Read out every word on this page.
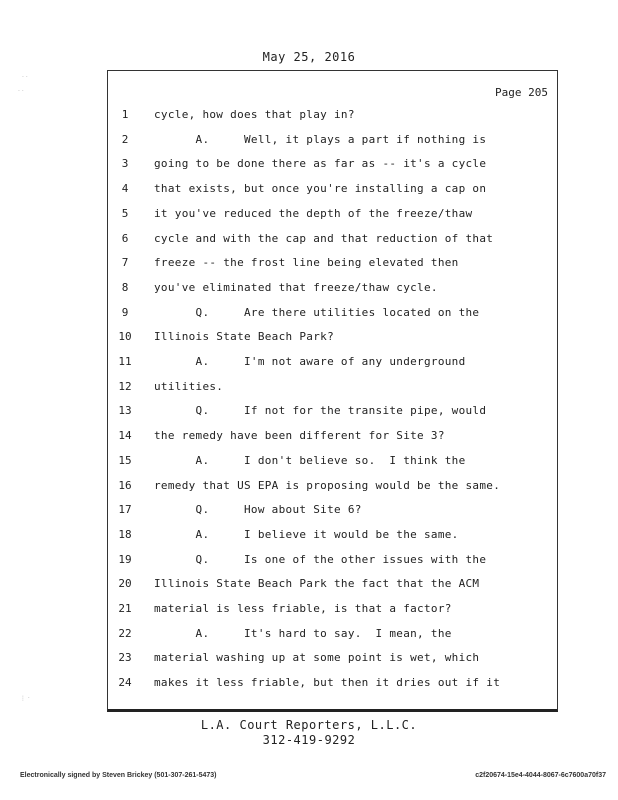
May 25, 2016
Page 205
1	cycle, how does that play in?
2	A.     Well, it plays a part if nothing is
3	going to be done there as far as -- it's a cycle
4	that exists, but once you're installing a cap on
5	it you've reduced the depth of the freeze/thaw
6	cycle and with the cap and that reduction of that
7	freeze -- the frost line being elevated then
8	you've eliminated that freeze/thaw cycle.
9	Q.     Are there utilities located on the
10	Illinois State Beach Park?
11	A.     I'm not aware of any underground
12	utilities.
13	Q.     If not for the transite pipe, would
14	the remedy have been different for Site 3?
15	A.     I don't believe so.  I think the
16	remedy that US EPA is proposing would be the same.
17	Q.     How about Site 6?
18	A.     I believe it would be the same.
19	Q.     Is one of the other issues with the
20	Illinois State Beach Park the fact that the ACM
21	material is less friable, is that a factor?
22	A.     It's hard to say.  I mean, the
23	material washing up at some point is wet, which
24	makes it less friable, but then it dries out if it
L.A. Court Reporters, L.L.C.
312-419-9292
Electronically signed by Steven Brickey (501-307-261-5473)	c2f20674-15e4-4044-8067-6c7600a70f37
· ·
· ·
⋮ ·
